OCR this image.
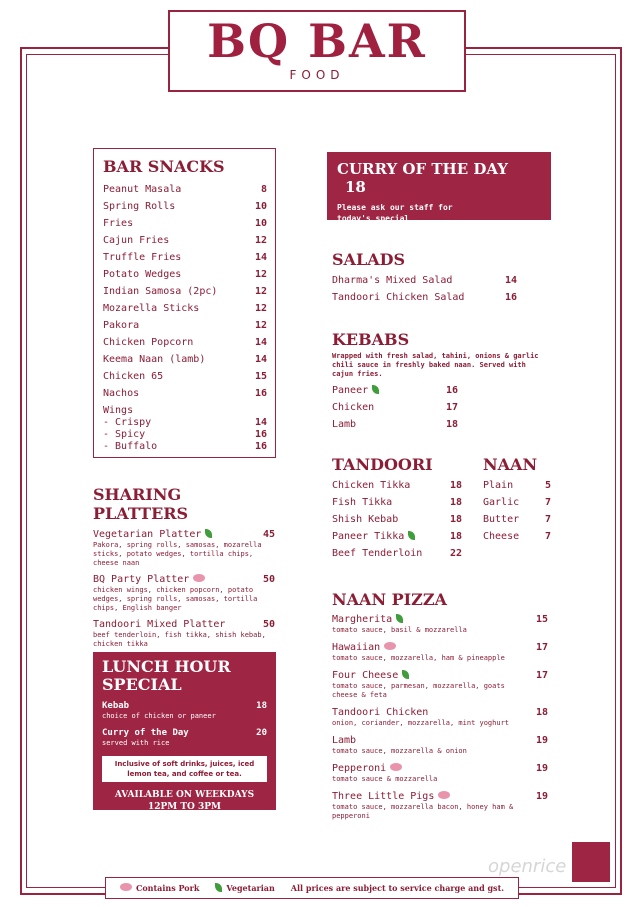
BQ BAR
FOOD
BAR SNACKS
Peanut Masala	8
Spring Rolls	10
Fries	10
Cajun Fries	12
Truffle Fries	14
Potato Wedges	12
Indian Samosa (2pc)	12
Mozarella Sticks	12
Pakora	12
Chicken Popcorn	14
Keema Naan (lamb)	14
Chicken 65	15
Nachos	16
Wings
- Crispy	14
- Spicy	16
- Buffalo	16
SHARING PLATTERS
Vegetarian Platter	45
Pakora, spring rolls, samosas, mozarella sticks, potato wedges, tortilla chips, cheese naan
BQ Party Platter	50
chicken wings, chicken popcorn, potato wedges, spring rolls, samosas, tortilla chips, English banger
Tandoori Mixed Platter	50
beef tenderloin, fish tikka, shish kebab, chicken tikka
LUNCH HOUR
SPECIAL
Kebab	18
choice of chicken or paneer
Curry of the Day	20
served with rice
Inclusive of soft drinks, juices, iced lemon tea, and coffee or tea.
AVAILABLE ON WEEKDAYS
12PM TO 3PM
CURRY OF THE DAY 18
Please ask our staff for
today's special
SALADS
Dharma's Mixed Salad	14
Tandoori Chicken Salad	16
KEBABS
Wrapped with fresh salad, tahini, onions & garlic chili sauce in freshly baked naan. Served with cajun fries.
Paneer	16
Chicken	17
Lamb	18
TANDOORI
Chicken Tikka	18
Fish Tikka	18
Shish Kebab	18
Paneer Tikka	18
Beef Tenderloin	22
NAAN
Plain	5
Garlic	7
Butter	7
Cheese	7
NAAN PIZZA
Margherita	15
tomato sauce, basil & mozzarella
Hawaiian	17
tomato sauce, mozzarella, ham & pineapple
Four Cheese	17
tomato sauce, parmesan, mozzarella, goats cheese & feta
Tandoori Chicken	18
onion, coriander, mozzarella, mint yoghurt
Lamb	19
tomato sauce, mozzarella & onion
Pepperoni	19
tomato sauce & mozzarella
Three Little Pigs	19
tomato sauce, mozzarella bacon, honey ham & pepperoni
openrice
Contains Pork	Vegetarian All prices are subject to service charge and gst.
